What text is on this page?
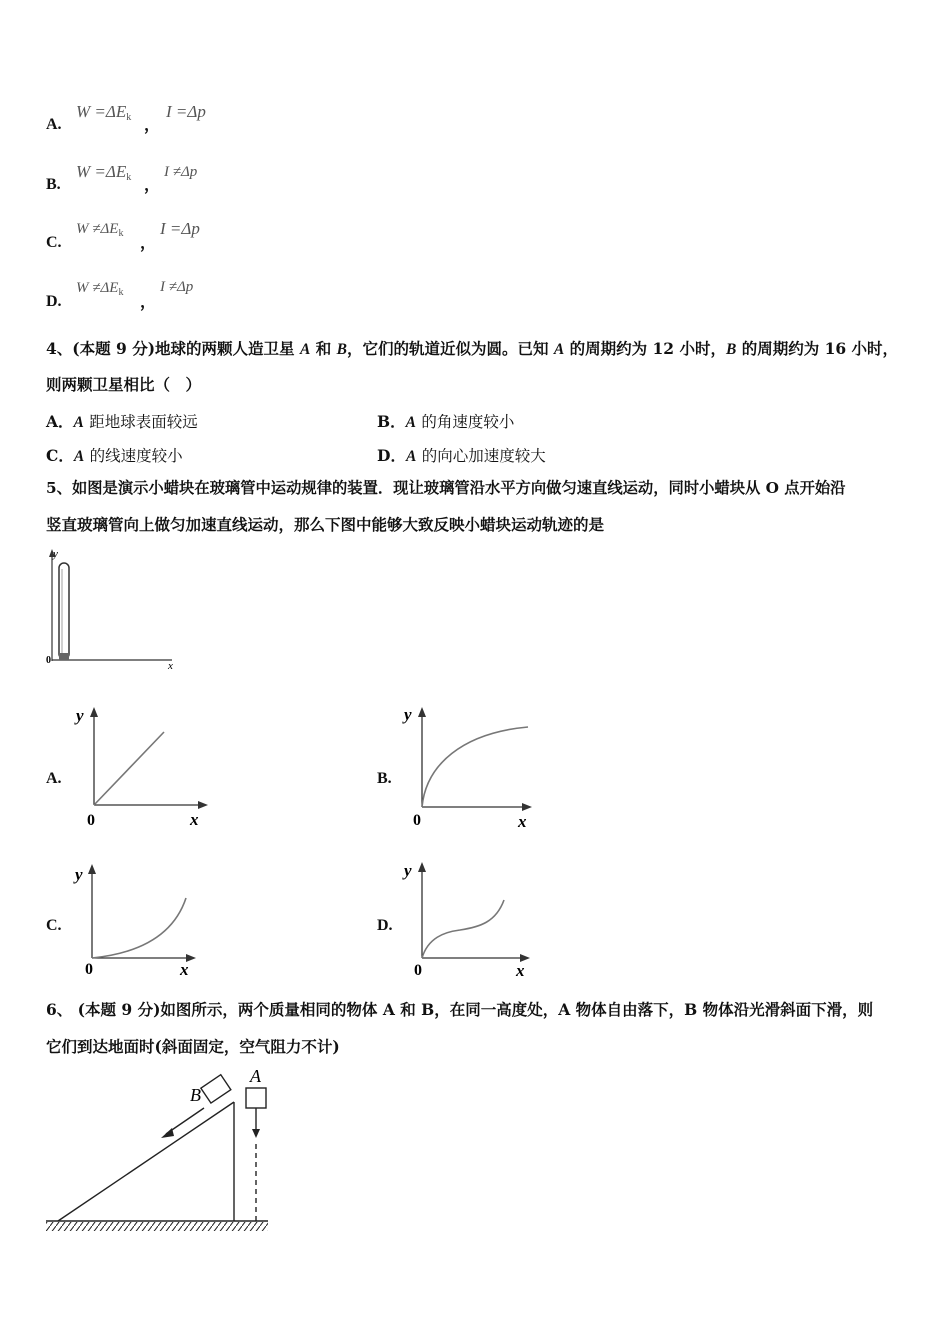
A.
$W =\Delta E_k$ ，
I =Δp
B.
$W =\Delta E_k$ ，
I ≠Δp
C.
$W \ne\Delta E_k$
，
I =Δp
D.
$W \ne\Delta E_k$
，
I ≠Δp
4、(本题 9 分)地球的两颗人造卫星 A 和 B，它们的轨道近似为圆。已知 A 的周期约为 12 小时，B 的周期约为 16 小时，
则两颗卫星相比（　）
A．A 距地球表面较远	B．A 的角速度较小
C．A 的线速度较小	D．A 的向心加速度较大
5、如图是演示小蜡块在玻璃管中运动规律的装置．现让玻璃管沿水平方向做匀速直线运动，同时小蜡块从 O 点开始沿
竖直玻璃管向上做匀加速直线运动，那么下图中能够大致反映小蜡块运动轨迹的是
y
x
0
A.
y
x
0
B.
y
x
0
C.
y
x
0
D.
y
x
0
6、 (本题 9 分)如图所示，两个质量相同的物体 A 和 B，在同一高度处，A 物体自由落下，B 物体沿光滑斜面下滑，则
它们到达地面时(斜面固定，空气阻力不计)
B
A
